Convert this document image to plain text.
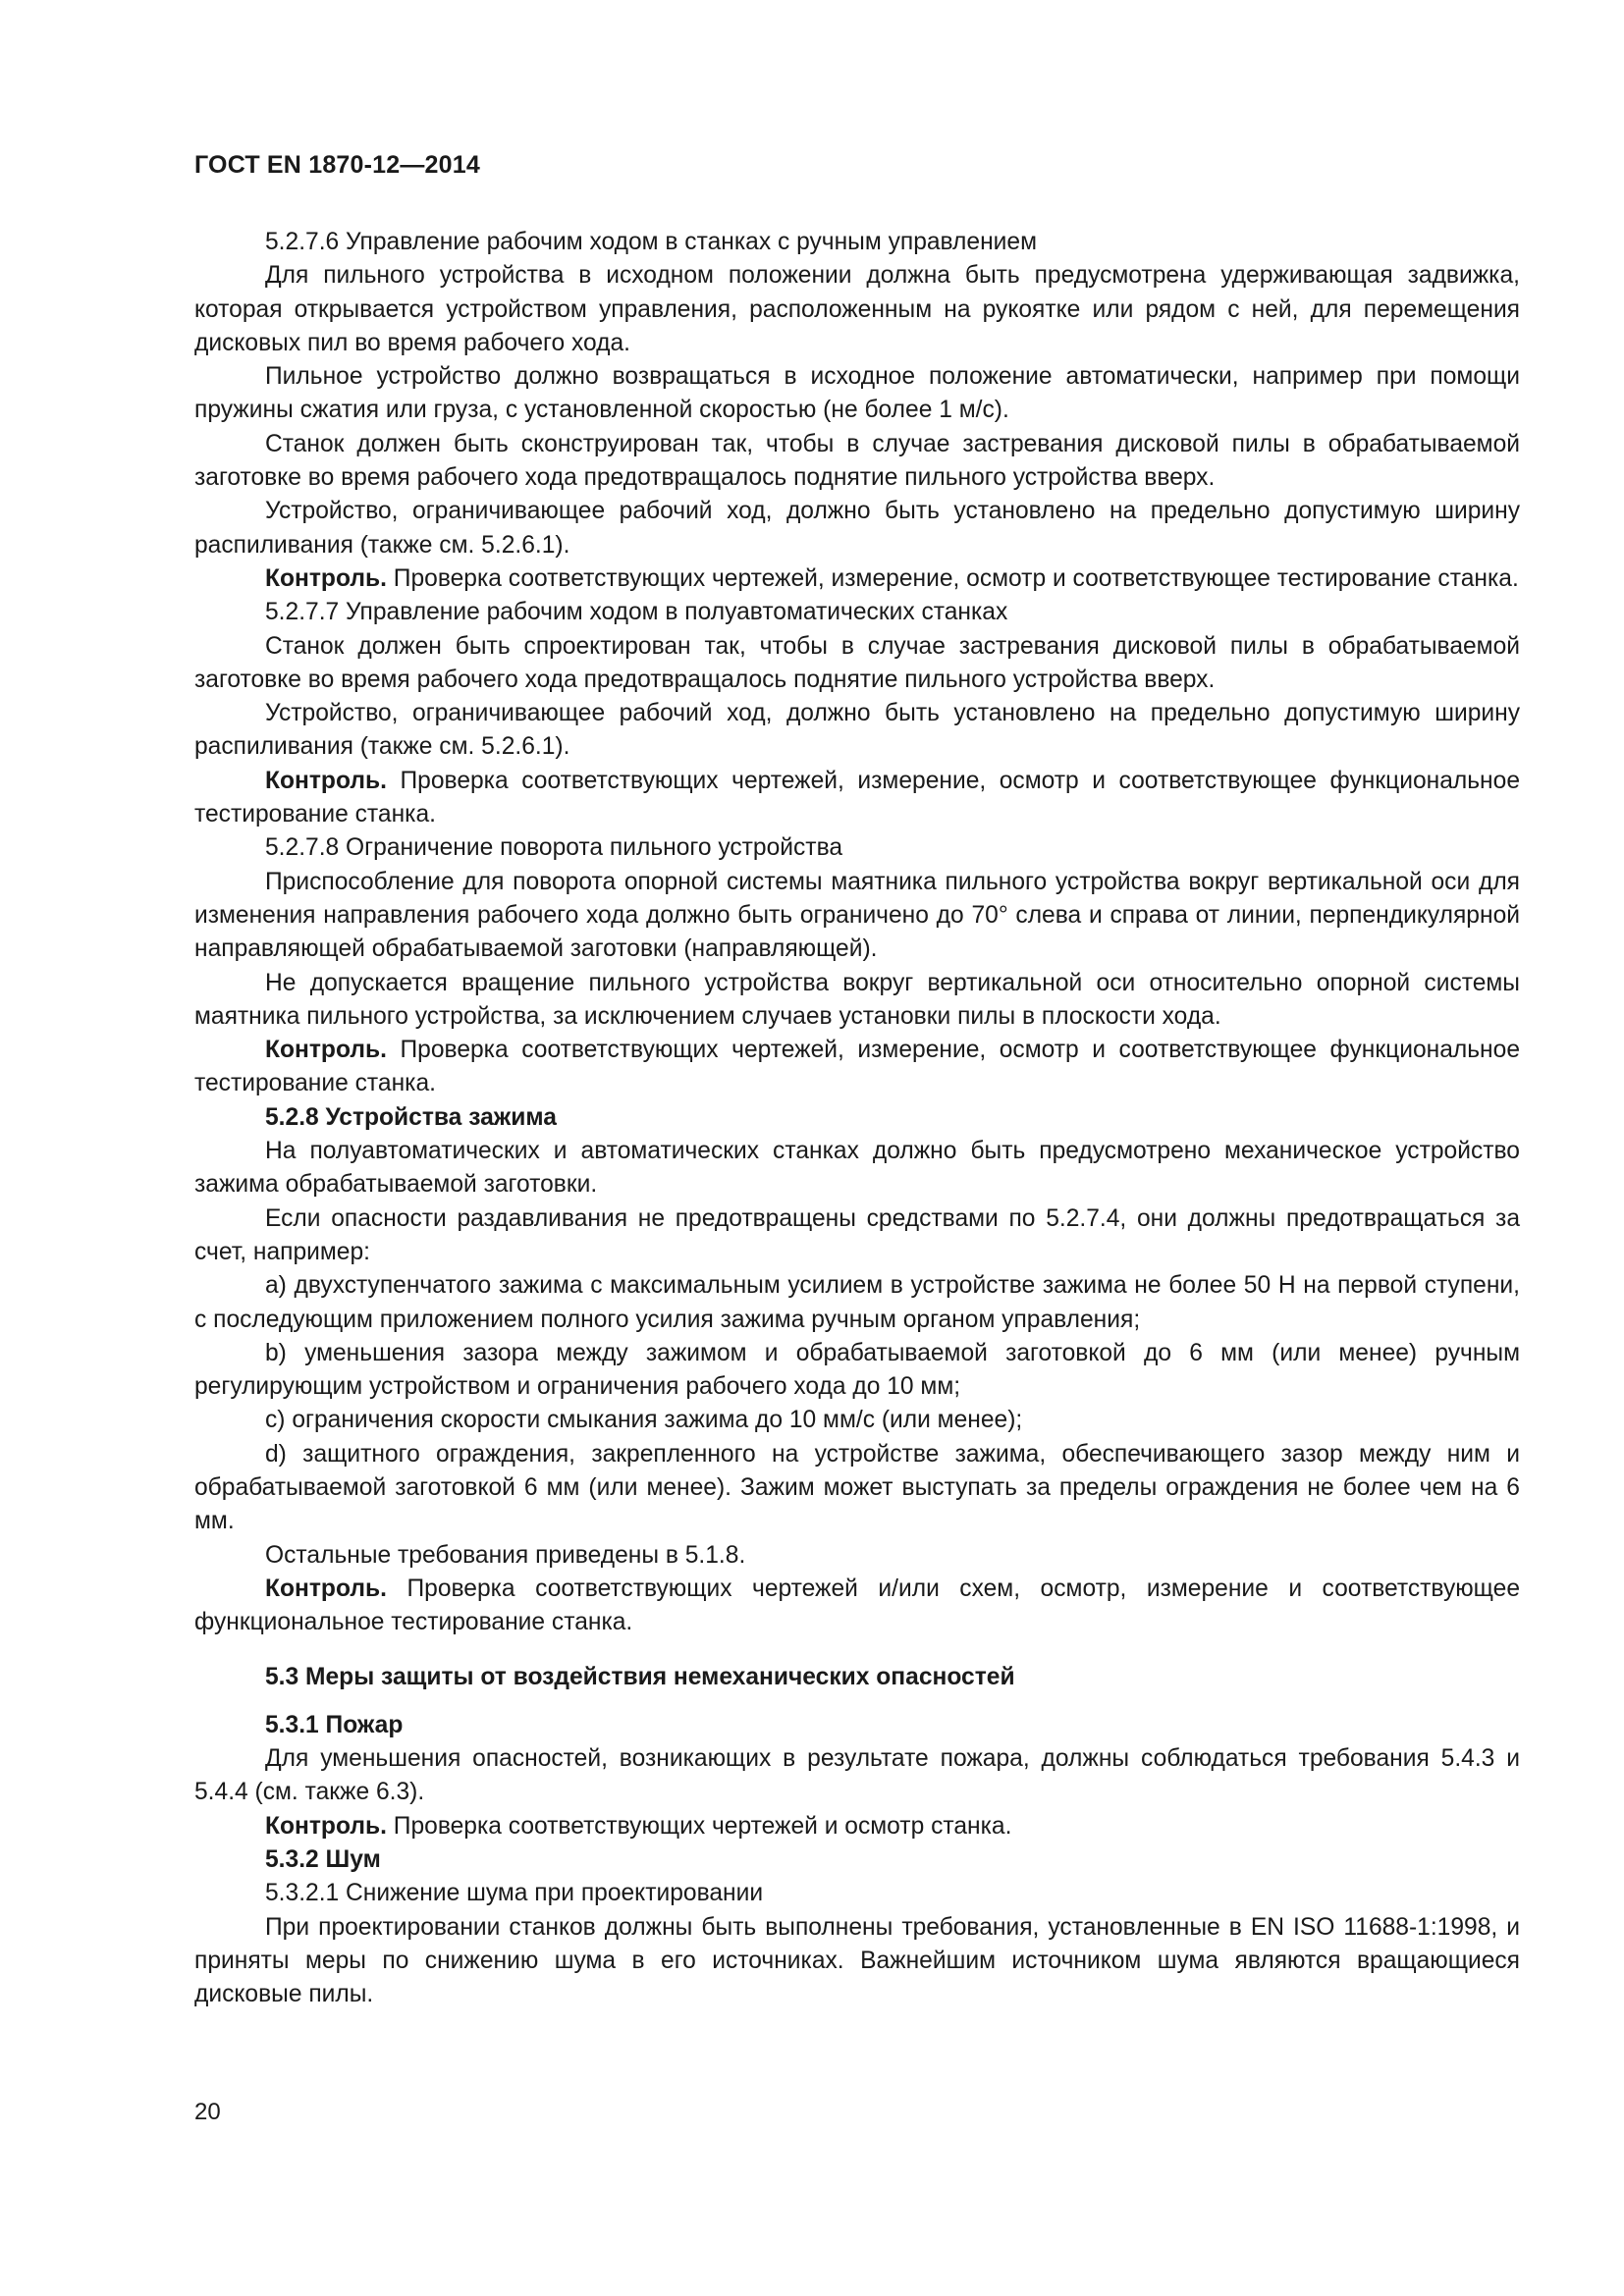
ГОСТ EN 1870-12—2014

5.2.7.6 Управление рабочим ходом в станках с ручным управлением

Для пильного устройства в исходном положении должна быть предусмотрена удерживающая задвижка, которая открывается устройством управления, расположенным на рукоятке или рядом с ней, для перемещения дисковых пил во время рабочего хода.

Пильное устройство должно возвращаться в исходное положение автоматически, например при помощи пружины сжатия или груза, с установленной скоростью (не более 1 м/с).

Станок должен быть сконструирован так, чтобы в случае застревания дисковой пилы в обрабатываемой заготовке во время рабочего хода предотвращалось поднятие пильного устройства вверх.

Устройство, ограничивающее рабочий ход, должно быть установлено на предельно допустимую ширину распиливания (также см. 5.2.6.1).

Контроль. Проверка соответствующих чертежей, измерение, осмотр и соответствующее тестирование станка.

5.2.7.7 Управление рабочим ходом в полуавтоматических станках

Станок должен быть спроектирован так, чтобы в случае застревания дисковой пилы в обрабатываемой заготовке во время рабочего хода предотвращалось поднятие пильного устройства вверх.

Устройство, ограничивающее рабочий ход, должно быть установлено на предельно допустимую ширину распиливания (также см. 5.2.6.1).

Контроль. Проверка соответствующих чертежей, измерение, осмотр и соответствующее функциональное тестирование станка.

5.2.7.8 Ограничение поворота пильного устройства

Приспособление для поворота опорной системы маятника пильного устройства вокруг вертикальной оси для изменения направления рабочего хода должно быть ограничено до 70° слева и справа от линии, перпендикулярной направляющей обрабатываемой заготовки (направляющей).

Не допускается вращение пильного устройства вокруг вертикальной оси относительно опорной системы маятника пильного устройства, за исключением случаев установки пилы в плоскости хода.

Контроль. Проверка соответствующих чертежей, измерение, осмотр и соответствующее функциональное тестирование станка.

5.2.8 Устройства зажима

На полуавтоматических и автоматических станках должно быть предусмотрено механическое устройство зажима обрабатываемой заготовки.

Если опасности раздавливания не предотвращены средствами по 5.2.7.4, они должны предотвращаться за счет, например:

a) двухступенчатого зажима с максимальным усилием в устройстве зажима не более 50 Н на первой ступени, с последующим приложением полного усилия зажима ручным органом управления;

b) уменьшения зазора между зажимом и обрабатываемой заготовкой до 6 мм (или менее) ручным регулирующим устройством и ограничения рабочего хода до 10 мм;

c) ограничения скорости смыкания зажима до 10 мм/с (или менее);

d) защитного ограждения, закрепленного на устройстве зажима, обеспечивающего зазор между ним и обрабатываемой заготовкой 6 мм (или менее). Зажим может выступать за пределы ограждения не более чем на 6 мм.

Остальные требования приведены в 5.1.8.

Контроль. Проверка соответствующих чертежей и/или схем, осмотр, измерение и соответствующее функциональное тестирование станка.

5.3 Меры защиты от воздействия немеханических опасностей

5.3.1 Пожар

Для уменьшения опасностей, возникающих в результате пожара, должны соблюдаться требования 5.4.3 и 5.4.4 (см. также 6.3).

Контроль. Проверка соответствующих чертежей и осмотр станка.

5.3.2 Шум

5.3.2.1 Снижение шума при проектировании

При проектировании станков должны быть выполнены требования, установленные в EN ISO 11688-1:1998, и приняты меры по снижению шума в его источниках. Важнейшим источником шума являются вращающиеся дисковые пилы.

20
